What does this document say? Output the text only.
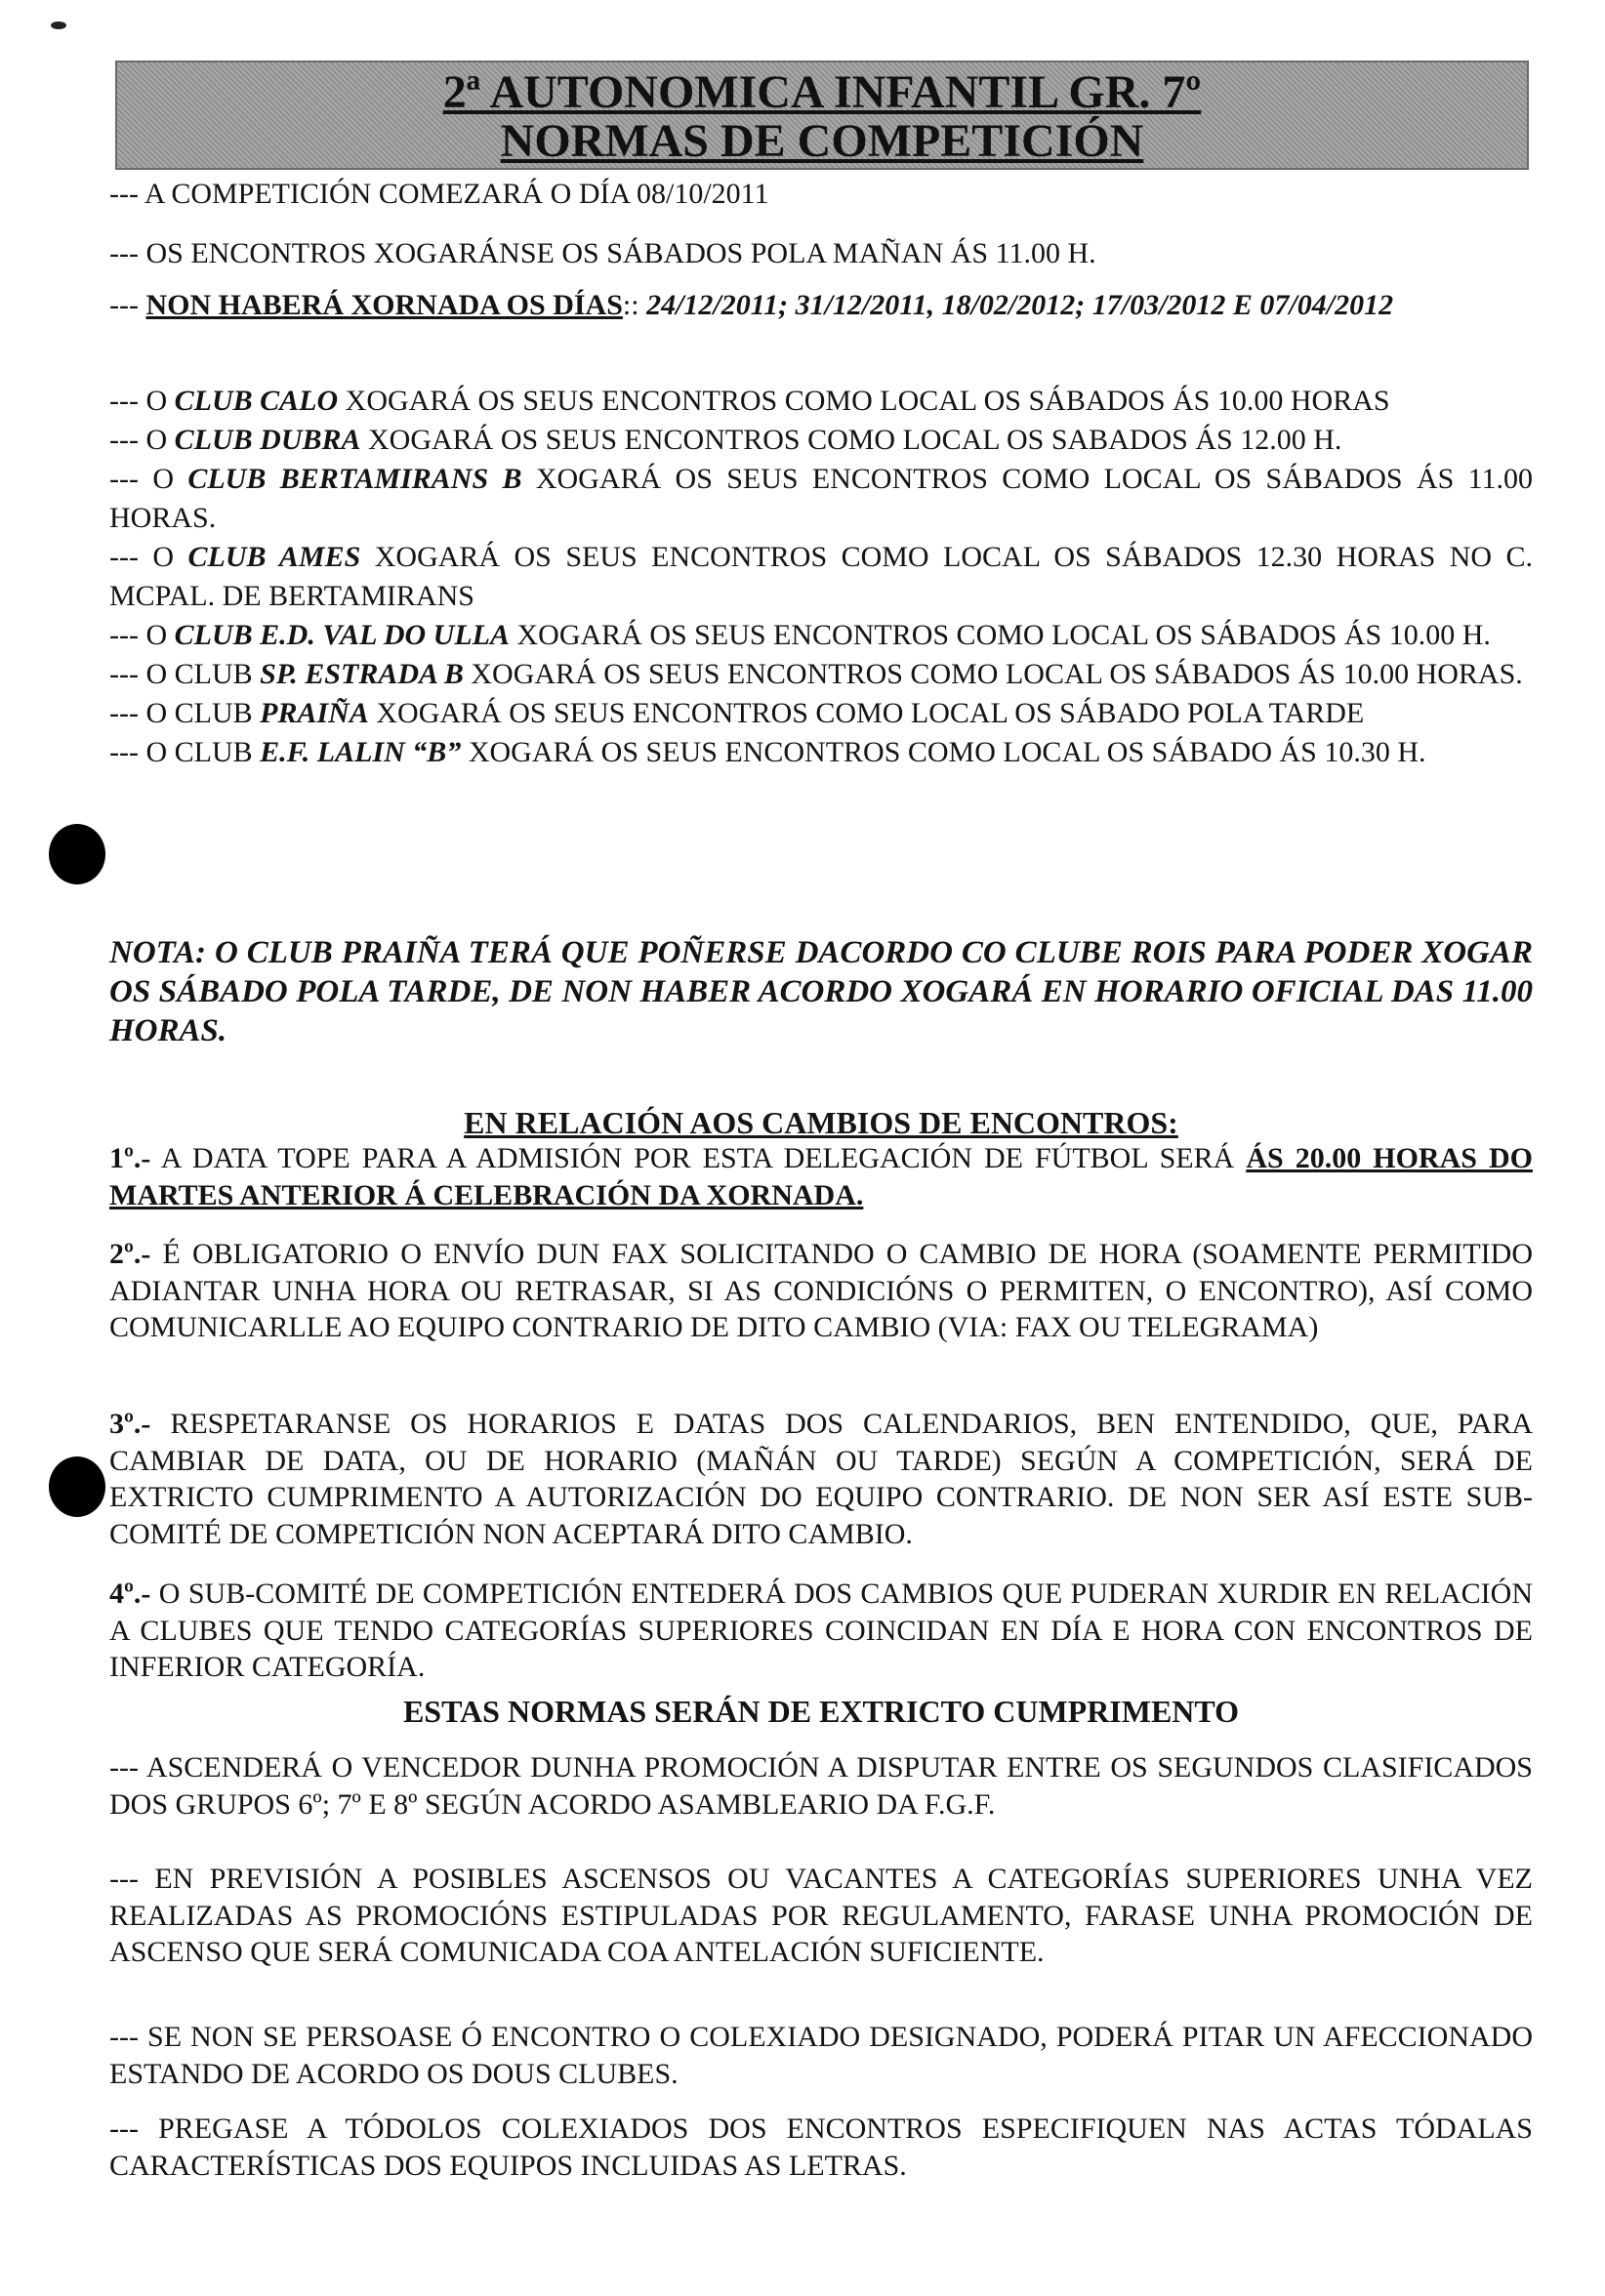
2ª AUTONOMICA INFANTIL GR. 7º
NORMAS DE COMPETICIÓN
--- A COMPETICIÓN COMEZARÁ O DÍA 08/10/2011
--- OS ENCONTROS XOGARÁNSE OS SÁBADOS POLA MAÑAN ÁS 11.00 H.
--- NON HABERÁ XORNADA OS DÍAS:: 24/12/2011; 31/12/2011, 18/02/2012; 17/03/2012 E 07/04/2012
--- O CLUB CALO XOGARÁ OS SEUS ENCONTROS COMO LOCAL OS SÁBADOS ÁS 10.00 HORAS
--- O CLUB DUBRA XOGARÁ OS SEUS ENCONTROS COMO LOCAL OS SABADOS ÁS 12.00 H.
--- O CLUB BERTAMIRANS B XOGARÁ OS SEUS ENCONTROS COMO LOCAL OS SÁBADOS ÁS 11.00 HORAS.
--- O CLUB AMES XOGARÁ OS SEUS ENCONTROS COMO LOCAL OS SÁBADOS 12.30 HORAS NO C. MCPAL. DE BERTAMIRANS
--- O CLUB E.D. VAL DO ULLA XOGARÁ OS SEUS ENCONTROS COMO LOCAL OS SÁBADOS ÁS 10.00 H.
--- O CLUB SP. ESTRADA B XOGARÁ OS SEUS ENCONTROS COMO LOCAL OS SÁBADOS ÁS 10.00 HORAS.
--- O CLUB PRAIÑA XOGARÁ OS SEUS ENCONTROS COMO LOCAL OS SÁBADO POLA TARDE
--- O CLUB E.F. LALIN “B” XOGARÁ OS SEUS ENCONTROS COMO LOCAL OS SÁBADO ÁS 10.30 H.
NOTA: O CLUB PRAIÑA TERÁ QUE POÑERSE DACORDO CO CLUBE ROIS PARA PODER XOGAR OS SÁBADO POLA TARDE, DE NON HABER ACORDO XOGARÁ EN HORARIO OFICIAL DAS 11.00 HORAS.
EN RELACIÓN AOS CAMBIOS DE ENCONTROS:
1º.- A DATA TOPE PARA A ADMISIÓN POR ESTA DELEGACIÓN DE FÚTBOL SERÁ ÁS 20.00 HORAS DO MARTES ANTERIOR Á CELEBRACIÓN DA XORNADA.
2º.- É OBLIGATORIO O ENVÍO DUN FAX SOLICITANDO O CAMBIO DE HORA (SOAMENTE PERMITIDO ADIANTAR UNHA HORA OU RETRASAR, SI AS CONDICIÓNS O PERMITEN, O ENCONTRO), ASÍ COMO COMUNICARLLE AO EQUIPO CONTRARIO DE DITO CAMBIO (VIA: FAX OU TELEGRAMA)
3º.- RESPETARANSE OS HORARIOS E DATAS DOS CALENDARIOS, BEN ENTENDIDO, QUE, PARA CAMBIAR DE DATA, OU DE HORARIO (MAÑÁN OU TARDE) SEGÚN A COMPETICIÓN, SERÁ DE EXTRICTO CUMPRIMENTO A AUTORIZACIÓN DO EQUIPO CONTRARIO. DE NON SER ASÍ ESTE SUB-COMITÉ DE COMPETICIÓN NON ACEPTARÁ DITO CAMBIO.
4º.- O SUB-COMITÉ DE COMPETICIÓN ENTEDERÁ DOS CAMBIOS QUE PUDERAN XURDIR EN RELACIÓN A CLUBES QUE TENDO CATEGORÍAS SUPERIORES COINCIDAN EN DÍA E HORA CON ENCONTROS DE INFERIOR CATEGORÍA.
ESTAS NORMAS SERÁN DE EXTRICTO CUMPRIMENTO
--- ASCENDERÁ O VENCEDOR DUNHA PROMOCIÓN A DISPUTAR ENTRE OS SEGUNDOS CLASIFICADOS DOS GRUPOS 6º; 7º E 8º SEGÚN ACORDO ASAMBLEARIO DA F.G.F.
--- EN PREVISIÓN A POSIBLES ASCENSOS OU VACANTES A CATEGORÍAS SUPERIORES UNHA VEZ REALIZADAS AS PROMOCIÓNS ESTIPULADAS POR REGULAMENTO, FARASE UNHA PROMOCIÓN DE ASCENSO QUE SERÁ COMUNICADA COA ANTELACIÓN SUFICIENTE.
--- SE NON SE PERSOASE Ó ENCONTRO O COLEXIADO DESIGNADO, PODERÁ PITAR UN AFECCIONADO ESTANDO DE ACORDO OS DOUS CLUBES.
--- PREGASE A TÓDOLOS COLEXIADOS DOS ENCONTROS ESPECIFIQUEN NAS ACTAS TÓDALAS CARACTERÍSTICAS DOS EQUIPOS INCLUIDAS AS LETRAS.
